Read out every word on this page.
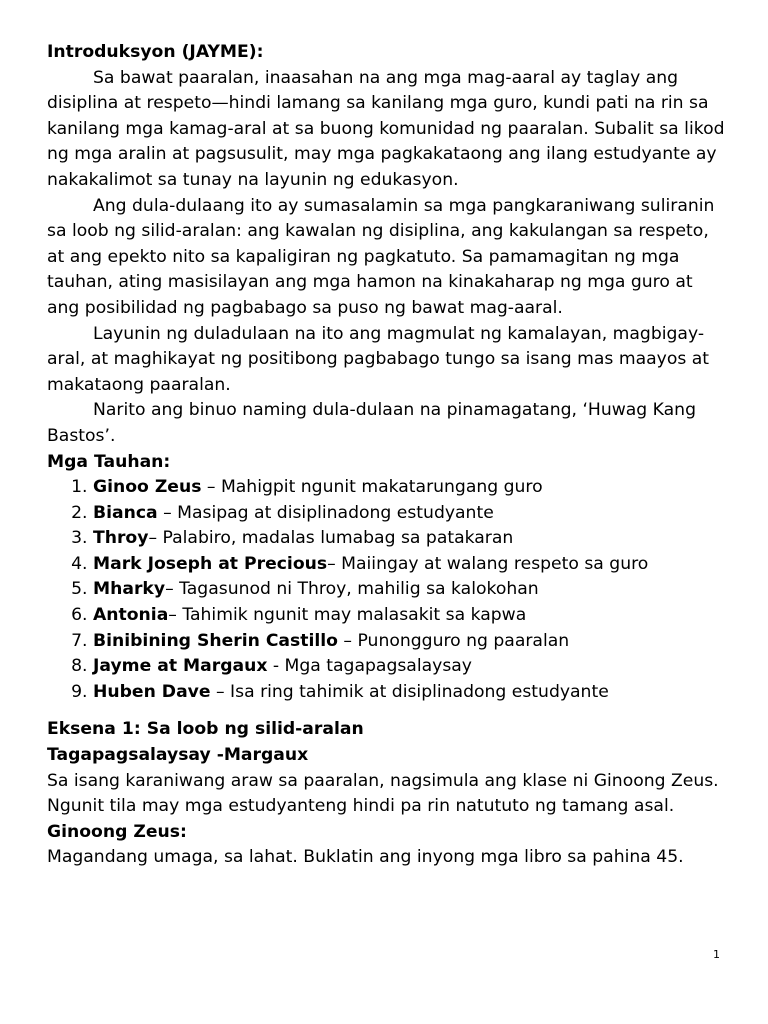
Introduksyon (JAYME):

Sa bawat paaralan, inaasahan na ang mga mag-aaral ay taglay ang disiplina at respeto—hindi lamang sa kanilang mga guro, kundi pati na rin sa kanilang mga kamag-aral at sa buong komunidad ng paaralan. Subalit sa likod ng mga aralin at pagsusulit, may mga pagkakataong ang ilang estudyante ay nakakalimot sa tunay na layunin ng edukasyon.

Ang dula-dulaang ito ay sumasalamin sa mga pangkaraniwang suliranin sa loob ng silid-aralan: ang kawalan ng disiplina, ang kakulangan sa respeto, at ang epekto nito sa kapaligiran ng pagkatuto. Sa pamamagitan ng mga tauhan, ating masisilayan ang mga hamon na kinakaharap ng mga guro at ang posibilidad ng pagbabago sa puso ng bawat mag-aaral.

Layunin ng duladulaan na ito ang magmulat ng kamalayan, magbigay-aral, at maghikayat ng positibong pagbabago tungo sa isang mas maayos at makataong paaralan.

Narito ang binuo naming dula-dulaan na pinamagatang, ‘Huwag Kang Bastos’.

Mga Tauhan:

1. Ginoo Zeus – Mahigpit ngunit makatarungang guro
2. Bianca – Masipag at disiplinadong estudyante
3. Throy– Palabiro, madalas lumabag sa patakaran
4. Mark Joseph at Precious– Maiingay at walang respeto sa guro
5. Mharky– Tagasunod ni Throy, mahilig sa kalokohan
6. Antonia– Tahimik ngunit may malasakit sa kapwa
7. Binibining Sherin Castillo – Punongguro ng paaralan
8. Jayme at Margaux - Mga tagapagsalaysay
9. Huben Dave – Isa ring tahimik at disiplinadong estudyante

Eksena 1: Sa loob ng silid-aralan

Tagapagsalaysay -Margaux

Sa isang karaniwang araw sa paaralan, nagsimula ang klase ni Ginoong Zeus. Ngunit tila may mga estudyanteng hindi pa rin natututo ng tamang asal.

Ginoong Zeus:

Magandang umaga, sa lahat. Buklatin ang inyong mga libro sa pahina 45.

1
